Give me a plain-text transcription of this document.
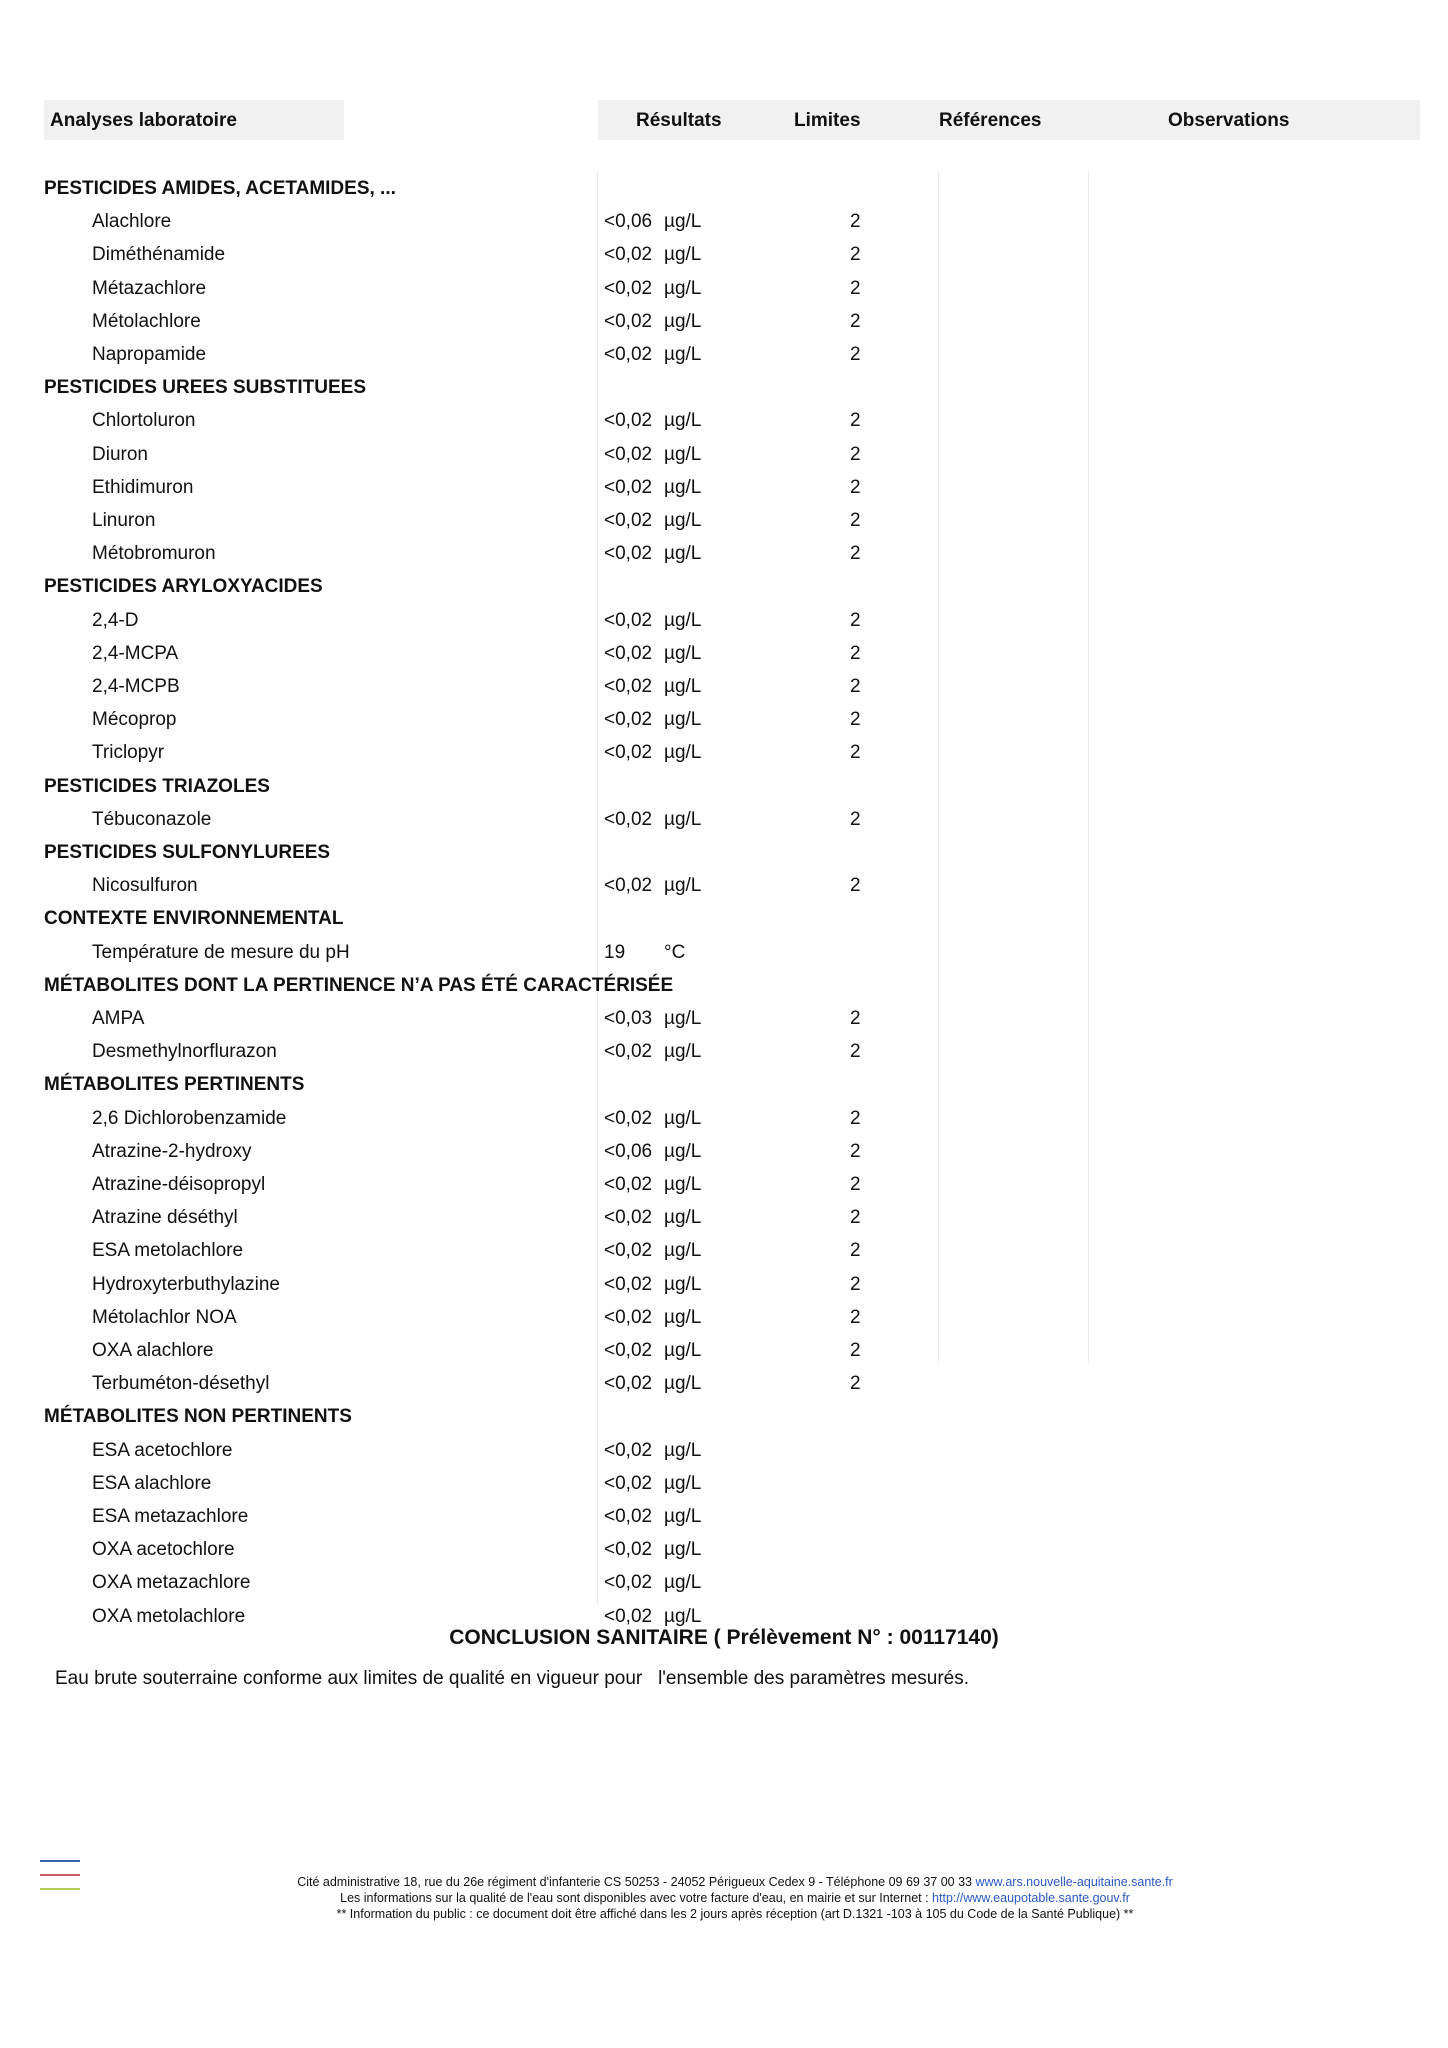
Analyses laboratoire	Résultats	Limites	Références	Observations
PESTICIDES AMIDES, ACETAMIDES, ...
Alachlore	<0,06 µg/L	2
Diméthénamide	<0,02 µg/L	2
Métazachlore	<0,02 µg/L	2
Métolachlore	<0,02 µg/L	2
Napropamide	<0,02 µg/L	2
PESTICIDES UREES SUBSTITUEES
Chlortoluron	<0,02 µg/L	2
Diuron	<0,02 µg/L	2
Ethidimuron	<0,02 µg/L	2
Linuron	<0,02 µg/L	2
Métobromuron	<0,02 µg/L	2
PESTICIDES ARYLOXYACIDES
2,4-D	<0,02 µg/L	2
2,4-MCPA	<0,02 µg/L	2
2,4-MCPB	<0,02 µg/L	2
Mécoprop	<0,02 µg/L	2
Triclopyr	<0,02 µg/L	2
PESTICIDES TRIAZOLES
Tébuconazole	<0,02 µg/L	2
PESTICIDES SULFONYLUREES
Nicosulfuron	<0,02 µg/L	2
CONTEXTE ENVIRONNEMENTAL
Température de mesure du pH	19 °C
MÉTABOLITES DONT LA PERTINENCE N’A PAS ÉTÉ CARACTÉRISÉE
AMPA	<0,03 µg/L	2
Desmethylnorflurazon	<0,02 µg/L	2
MÉTABOLITES PERTINENTS
2,6 Dichlorobenzamide	<0,02 µg/L	2
Atrazine-2-hydroxy	<0,06 µg/L	2
Atrazine-déisopropyl	<0,02 µg/L	2
Atrazine déséthyl	<0,02 µg/L	2
ESA metolachlore	<0,02 µg/L	2
Hydroxyterbuthylazine	<0,02 µg/L	2
Métolachlor NOA	<0,02 µg/L	2
OXA alachlore	<0,02 µg/L	2
Terbuméton-désethyl	<0,02 µg/L	2
MÉTABOLITES NON PERTINENTS
ESA acetochlore	<0,02 µg/L
ESA alachlore	<0,02 µg/L
ESA metazachlore	<0,02 µg/L
OXA acetochlore	<0,02 µg/L
OXA metazachlore	<0,02 µg/L
OXA metolachlore	<0,02 µg/L
CONCLUSION SANITAIRE ( Prélèvement N° : 00117140)
Eau brute souterraine conforme aux limites de qualité en vigueur pour   l'ensemble des paramètres mesurés.
Cité administrative 18, rue du 26e régiment d'infanterie CS 50253 - 24052 Périgueux Cedex 9 - Téléphone 09 69 37 00 33 www.ars.nouvelle-aquitaine.sante.fr
Les informations sur la qualité de l'eau sont disponibles avec votre facture d'eau, en mairie et sur Internet : http://www.eaupotable.sante.gouv.fr
** Information du public : ce document doit être affiché dans les 2 jours après réception (art D.1321 -103 à 105 du Code de la Santé Publique) **
